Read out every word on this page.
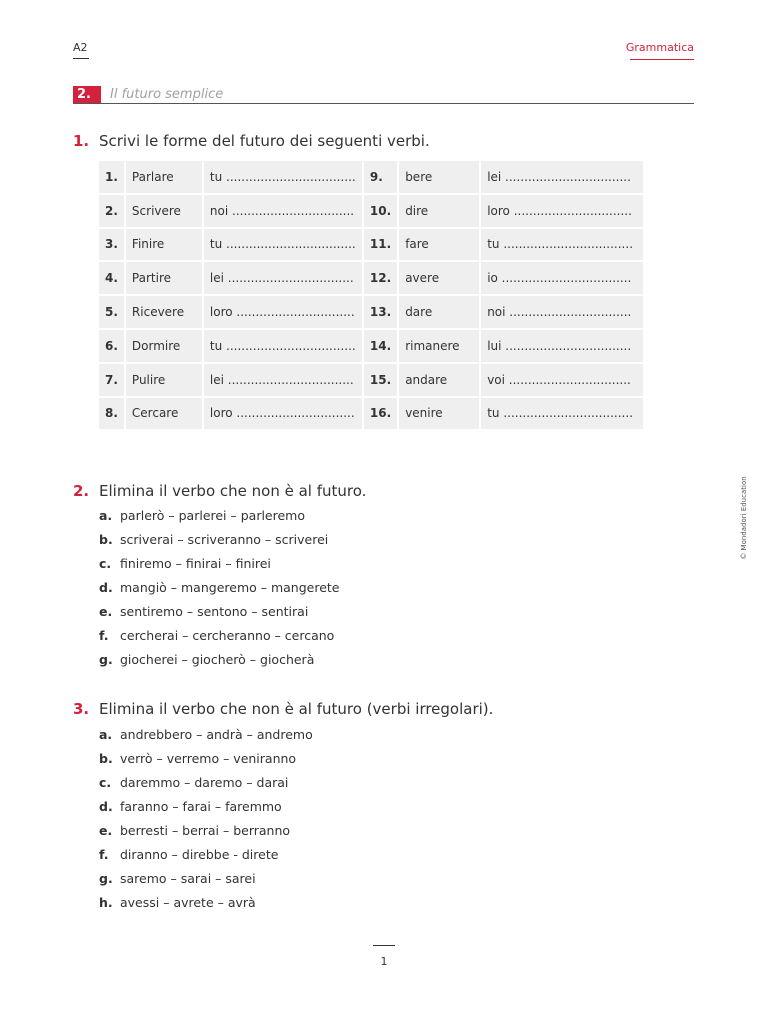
A2	Grammatica
2.	Il futuro semplice
1. Scrivi le forme del futuro dei seguenti verbi.
1.	Parlare	tu ..................................	9.	bere	lei .................................
2.	Scrivere	noi ................................	10.	dire	loro ...............................
3.	Finire	tu ..................................	11.	fare	tu ..................................
4.	Partire	lei .................................	12.	avere	io ..................................
5.	Ricevere	loro ...............................	13.	dare	noi ................................
6.	Dormire	tu ..................................	14.	rimanere	lui .................................
7.	Pulire	lei .................................	15.	andare	voi ................................
8.	Cercare	loro ...............................	16.	venire	tu ..................................
2. Elimina il verbo che non è al futuro.
a. parlerò – parlerei – parleremo
b. scriverai – scriveranno – scriverei
c. finiremo – finirai – finirei
d. mangiò – mangeremo – mangerete
e. sentiremo – sentono – sentirai
f. cercherai – cercheranno – cercano
g. giocherei – giocherò – giocherà
3. Elimina il verbo che non è al futuro (verbi irregolari).
a. andrebbero – andrà – andremo
b. verrò – verremo – veniranno
c. daremmo – daremo – darai
d. faranno – farai – faremmo
e. berresti – berrai – berranno
f. diranno – direbbe - direte
g. saremo – sarai – sarei
h. avessi – avrete – avrà
© Mondadori Education
1
